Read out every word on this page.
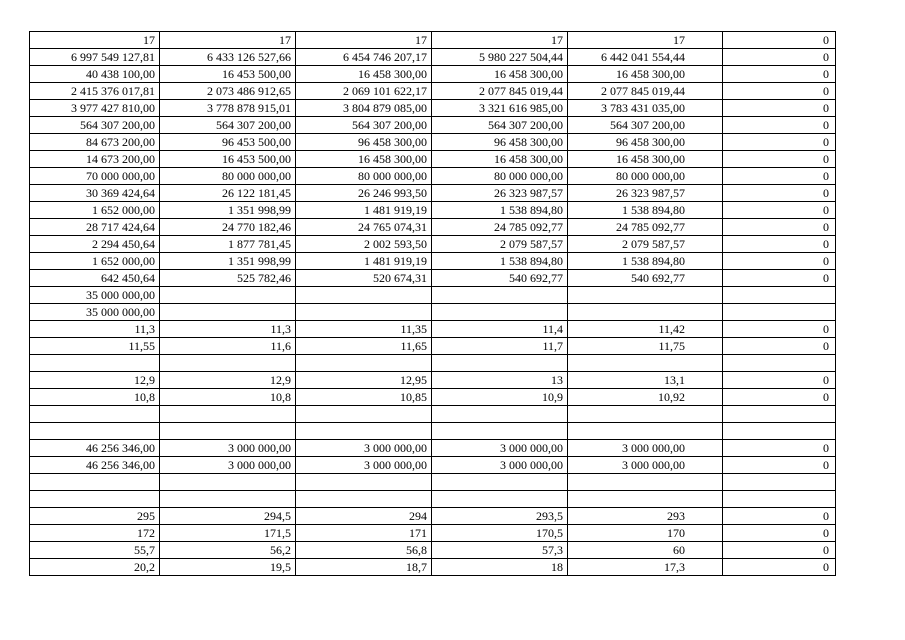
17	17	17	17	17	0
6 997 549 127,81	6 433 126 527,66	6 454 746 207,17	5 980 227 504,44	6 442 041 554,44	0
40 438 100,00	16 453 500,00	16 458 300,00	16 458 300,00	16 458 300,00	0
2 415 376 017,81	2 073 486 912,65	2 069 101 622,17	2 077 845 019,44	2 077 845 019,44	0
3 977 427 810,00	3 778 878 915,01	3 804 879 085,00	3 321 616 985,00	3 783 431 035,00	0
564 307 200,00	564 307 200,00	564 307 200,00	564 307 200,00	564 307 200,00	0
84 673 200,00	96 453 500,00	96 458 300,00	96 458 300,00	96 458 300,00	0
14 673 200,00	16 453 500,00	16 458 300,00	16 458 300,00	16 458 300,00	0
70 000 000,00	80 000 000,00	80 000 000,00	80 000 000,00	80 000 000,00	0
30 369 424,64	26 122 181,45	26 246 993,50	26 323 987,57	26 323 987,57	0
1 652 000,00	1 351 998,99	1 481 919,19	1 538 894,80	1 538 894,80	0
28 717 424,64	24 770 182,46	24 765 074,31	24 785 092,77	24 785 092,77	0
2 294 450,64	1 877 781,45	2 002 593,50	2 079 587,57	2 079 587,57	0
1 652 000,00	1 351 998,99	1 481 919,19	1 538 894,80	1 538 894,80	0
642 450,64	525 782,46	520 674,31	540 692,77	540 692,77	0
35 000 000,00					
35 000 000,00					
11,3	11,3	11,35	11,4	11,42	0
11,55	11,6	11,65	11,7	11,75	0

12,9	12,9	12,95	13	13,1	0
10,8	10,8	10,85	10,9	10,92	0

46 256 346,00	3 000 000,00	3 000 000,00	3 000 000,00	3 000 000,00	0
46 256 346,00	3 000 000,00	3 000 000,00	3 000 000,00	3 000 000,00	0

295	294,5	294	293,5	293	0
172	171,5	171	170,5	170	0
55,7	56,2	56,8	57,3	60	0
20,2	19,5	18,7	18	17,3	0
